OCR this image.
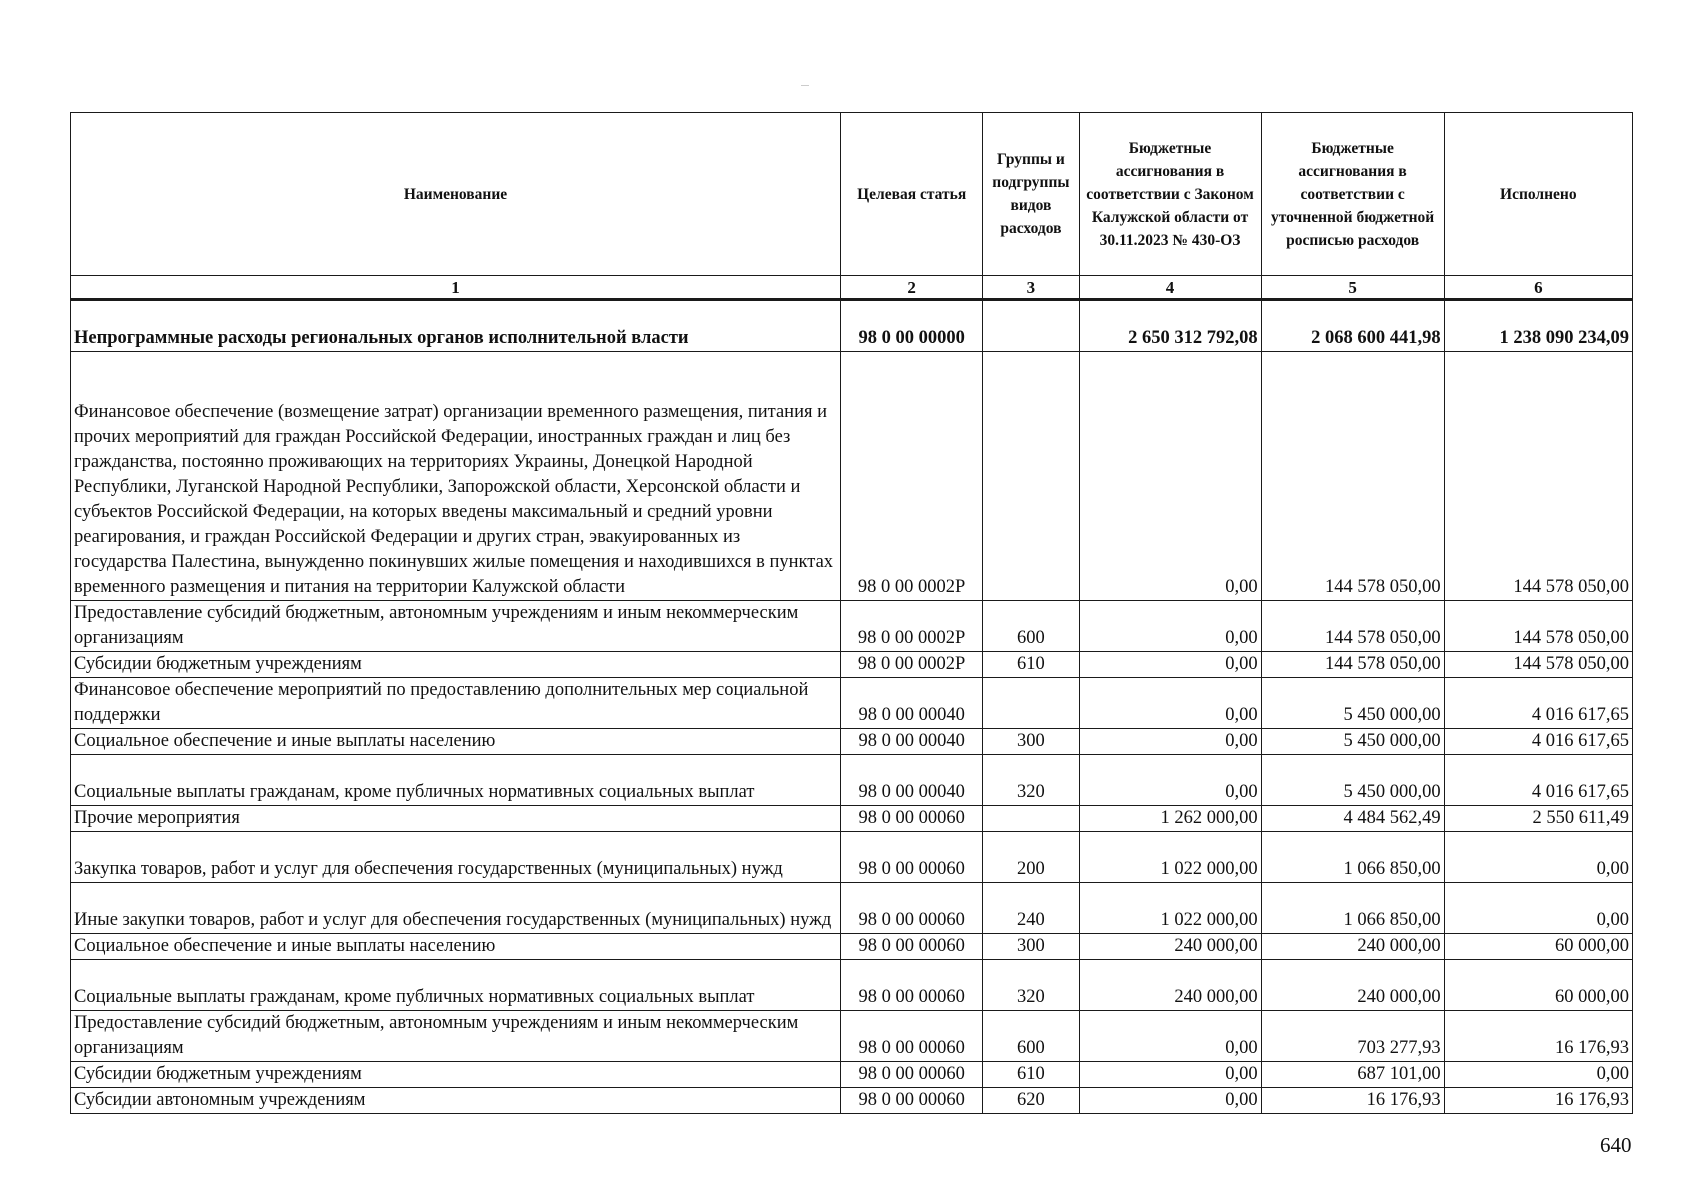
Наименование	Целевая статья	Группы и подгруппы видов расходов	Бюджетные ассигнования в соответствии с Законом Калужской области от 30.11.2023 № 430-ОЗ	Бюджетные ассигнования в соответствии с уточненной бюджетной росписью расходов	Исполнено
1	2	3	4	5	6
Непрограммные расходы региональных органов исполнительной власти	98 0 00 00000		2 650 312 792,08	2 068 600 441,98	1 238 090 234,09
Финансовое обеспечение (возмещение затрат) организации временного размещения, питания и прочих мероприятий для граждан Российской Федерации, иностранных граждан и лиц без гражданства, постоянно проживающих на территориях Украины, Донецкой Народной Республики, Луганской Народной Республики, Запорожской области, Херсонской области и субъектов Российской Федерации, на которых введены максимальный и средний уровни реагирования, и граждан Российской Федерации и других стран, эвакуированных из государства Палестина, вынужденно покинувших жилые помещения и находившихся в пунктах временного размещения и питания на территории Калужской области	98 0 00 0002Р		0,00	144 578 050,00	144 578 050,00
Предоставление субсидий бюджетным, автономным учреждениям и иным некоммерческим организациям	98 0 00 0002Р	600	0,00	144 578 050,00	144 578 050,00
Субсидии бюджетным учреждениям	98 0 00 0002Р	610	0,00	144 578 050,00	144 578 050,00
Финансовое обеспечение мероприятий по предоставлению дополнительных мер социальной поддержки	98 0 00 00040		0,00	5 450 000,00	4 016 617,65
Социальное обеспечение и иные выплаты населению	98 0 00 00040	300	0,00	5 450 000,00	4 016 617,65
Социальные выплаты гражданам, кроме публичных нормативных социальных выплат	98 0 00 00040	320	0,00	5 450 000,00	4 016 617,65
Прочие мероприятия	98 0 00 00060		1 262 000,00	4 484 562,49	2 550 611,49
Закупка товаров, работ и услуг для обеспечения государственных (муниципальных) нужд	98 0 00 00060	200	1 022 000,00	1 066 850,00	0,00
Иные закупки товаров, работ и услуг для обеспечения государственных (муниципальных) нужд	98 0 00 00060	240	1 022 000,00	1 066 850,00	0,00
Социальное обеспечение и иные выплаты населению	98 0 00 00060	300	240 000,00	240 000,00	60 000,00
Социальные выплаты гражданам, кроме публичных нормативных социальных выплат	98 0 00 00060	320	240 000,00	240 000,00	60 000,00
Предоставление субсидий бюджетным, автономным учреждениям и иным некоммерческим организациям	98 0 00 00060	600	0,00	703 277,93	16 176,93
Субсидии бюджетным учреждениям	98 0 00 00060	610	0,00	687 101,00	0,00
Субсидии автономным учреждениям	98 0 00 00060	620	0,00	16 176,93	16 176,93
640
